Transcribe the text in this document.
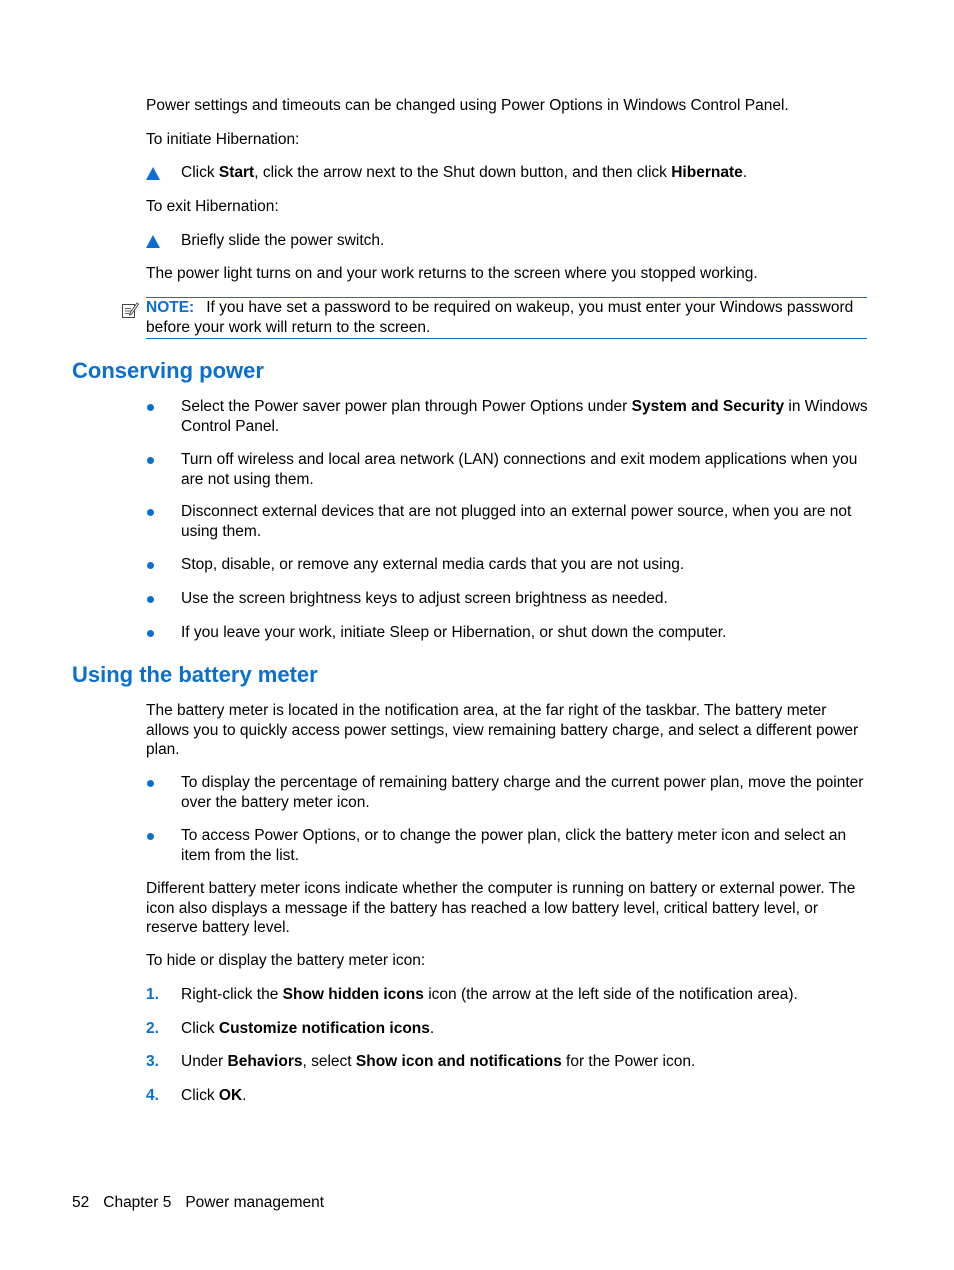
Power settings and timeouts can be changed using Power Options in Windows Control Panel.

To initiate Hibernation:

Click Start, click the arrow next to the Shut down button, and then click Hibernate.

To exit Hibernation:

Briefly slide the power switch.

The power light turns on and your work returns to the screen where you stopped working.

NOTE: If you have set a password to be required on wakeup, you must enter your Windows password before your work will return to the screen.

Conserving power

Select the Power saver power plan through Power Options under System and Security in Windows Control Panel.

Turn off wireless and local area network (LAN) connections and exit modem applications when you are not using them.

Disconnect external devices that are not plugged into an external power source, when you are not using them.

Stop, disable, or remove any external media cards that you are not using.

Use the screen brightness keys to adjust screen brightness as needed.

If you leave your work, initiate Sleep or Hibernation, or shut down the computer.

Using the battery meter

The battery meter is located in the notification area, at the far right of the taskbar. The battery meter allows you to quickly access power settings, view remaining battery charge, and select a different power plan.

To display the percentage of remaining battery charge and the current power plan, move the pointer over the battery meter icon.

To access Power Options, or to change the power plan, click the battery meter icon and select an item from the list.

Different battery meter icons indicate whether the computer is running on battery or external power. The icon also displays a message if the battery has reached a low battery level, critical battery level, or reserve battery level.

To hide or display the battery meter icon:

1. Right-click the Show hidden icons icon (the arrow at the left side of the notification area).

2. Click Customize notification icons.

3. Under Behaviors, select Show icon and notifications for the Power icon.

4. Click OK.

52 Chapter 5 Power management
